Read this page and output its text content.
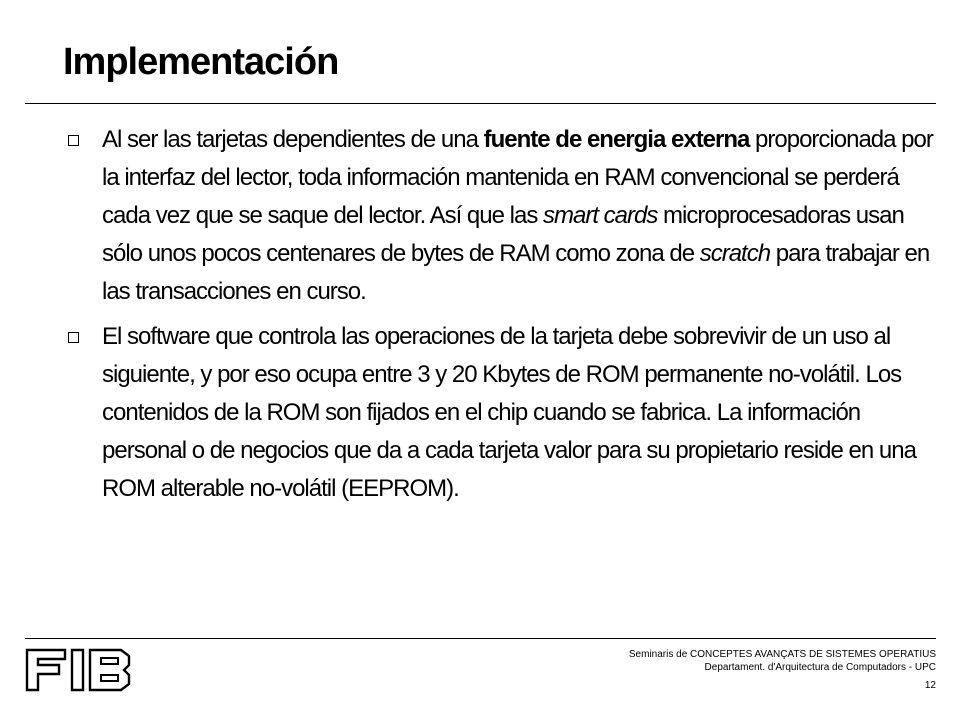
Implementación
Al ser las tarjetas dependientes de una fuente de energia externa proporcionada por la interfaz del lector, toda información mantenida en RAM convencional se perderá cada vez que se saque del lector. Así que las smart cards microprocesadoras usan sólo unos pocos centenares de bytes de RAM como zona de scratch para trabajar en las transacciones en curso.
El software que controla las operaciones de la tarjeta debe sobrevivir de un uso al siguiente, y por eso ocupa entre 3 y 20 Kbytes de ROM permanente no-volátil. Los contenidos de la ROM son fijados en el chip cuando se fabrica. La información personal o de negocios que da a cada tarjeta valor para su propietario reside en una ROM alterable no-volátil (EEPROM).
Seminaris de CONCEPTES AVANÇATS DE SISTEMES OPERATIUS
Departament. d'Arquitectura de Computadors - UPC
12
